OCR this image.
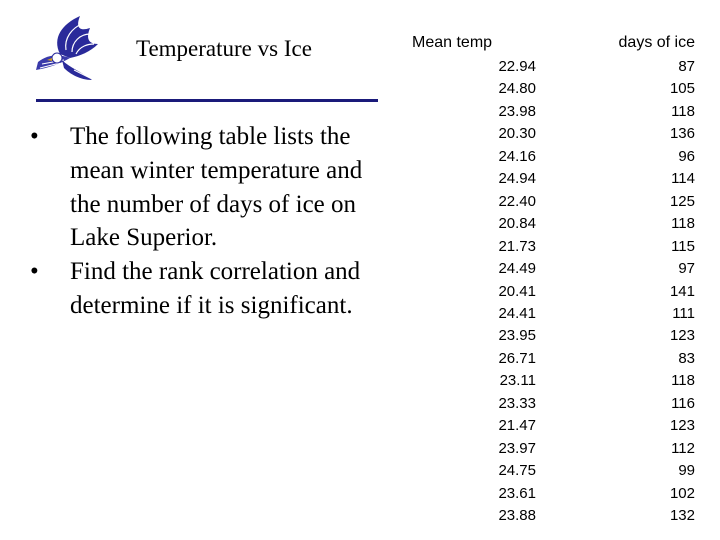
Temperature vs Ice
•	The following table lists the mean winter temperature and the number of days of ice on Lake Superior.
•	Find the rank correlation and determine if it is significant.
Mean temp
22.94
24.80
23.98
20.30
24.16
24.94
22.40
20.84
21.73
24.49
20.41
24.41
23.95
26.71
23.11
23.33
21.47
23.97
24.75
23.61
23.88
days of ice
87
105
118
136
96
114
125
118
115
97
141
111
123
83
118
116
123
112
99
102
132
